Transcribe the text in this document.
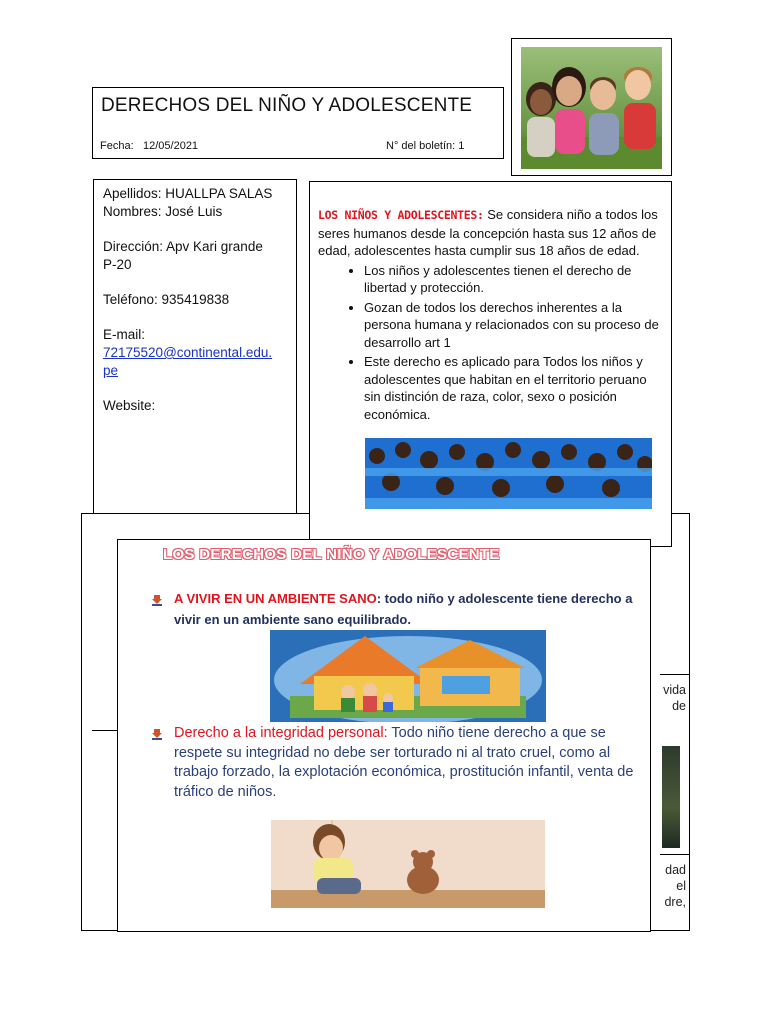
DERECHOS DEL NIÑO Y ADOLESCENTE
Fecha: 12/05/2021	N° del boletín: 1

Apellidos: HUALLPA SALAS

Nombres: José Luis

Dirección: Apv Kari grande

P-20

Teléfono: 935419838

E-mail:

72175520@continental.edu.

pe

Website:

vida
de
dad
el
dre,
LOS NIÑOS Y ADOLESCENTES: Se considera niño a todos los seres humanos desde la concepción hasta sus 12 años de edad, adolescentes hasta cumplir sus 18 años de edad.
• Los niños y adolescentes tienen el derecho de libertad y protección.
• Gozan de todos los derechos inherentes a la persona humana y relacionados con su proceso de desarrollo art 1
• Este derecho es aplicado para Todos los niños y adolescentes que habitan en el territorio peruano sin distinción de raza, color, sexo o posición económica.
LOS DERECHOS DEL NIÑO Y ADOLESCENTE
A VIVIR EN UN AMBIENTE SANO: todo niño y adolescente tiene derecho a vivir en un ambiente sano equilibrado.
Derecho a la integridad personal: Todo niño tiene derecho a que se respete su integridad no debe ser torturado ni al trato cruel, como al trabajo forzado, la explotación económica, prostitución infantil, venta de tráfico de niños.
